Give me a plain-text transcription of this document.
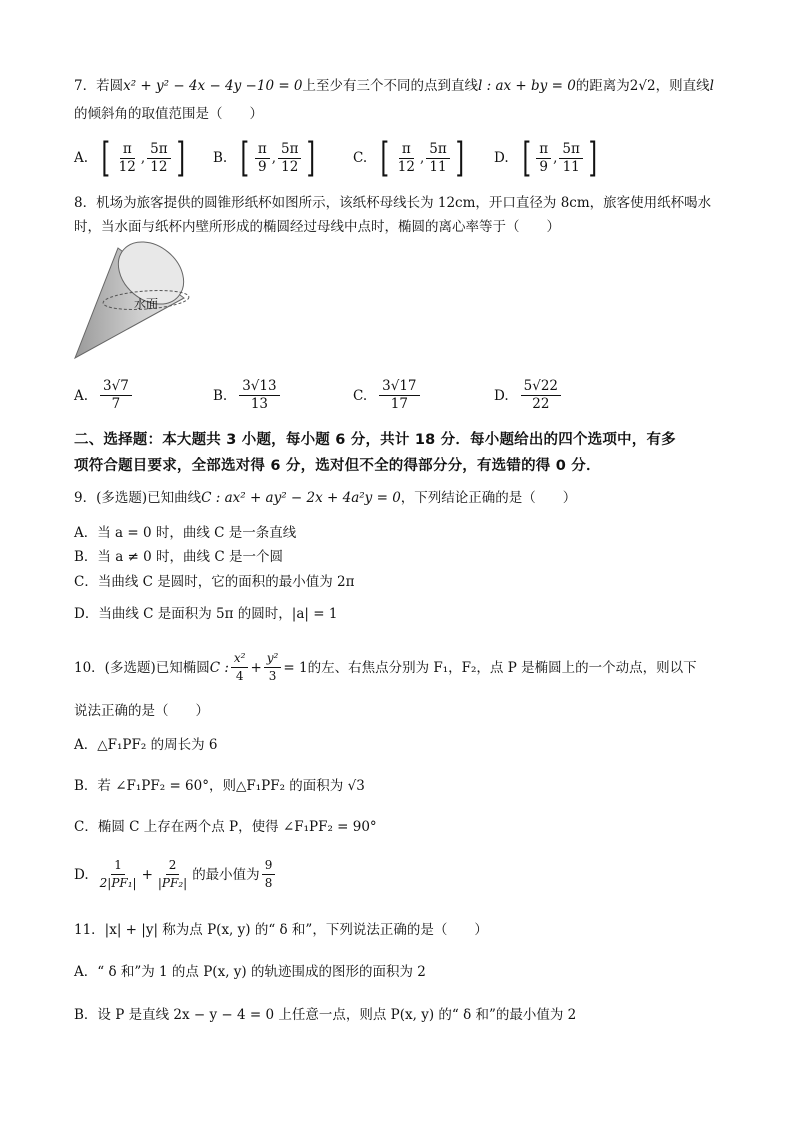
7．若圆x² + y² − 4x − 4y −10 = 0上至少有三个不同的点到直线l : ax + by = 0的距离为2√2，则直线l
的倾斜角的取值范围是（　　）
A. [ $\frac{\pi}{12}$ , $\frac{5\pi}{12}$ ] B. [ $\frac{\pi}{9}$ , $\frac{5\pi}{12}$ ]	C. [ $\frac{\pi}{12}$ , $\frac{5\pi}{11}$ ] D. [ $\frac{\pi}{9}$ , $\frac{5\pi}{11}$ ]
8．机场为旅客提供的圆锥形纸杯如图所示，该纸杯母线长为 12cm，开口直径为 8cm，旅客使用纸杯喝水
时，当水面与纸杯内壁所形成的椭圆经过母线中点时，椭圆的离心率等于（　　）
水面
A. $\frac{3√7}{7}$	B. $\frac{3√13}{13}$	C. $\frac{3√17}{17}$	D. $\frac{5√22}{22}$
二、选择题：本大题共 3 小题，每小题 6 分，共计 18 分．每小题给出的四个选项中，有多
项符合题目要求，全部选对得 6 分，选对但不全的得部分分，有选错的得 0 分．
9．(多选题)已知曲线C : ax² + ay² − 2x + 4a²y = 0，下列结论正确的是（　　）
A．当 a = 0 时，曲线 C 是一条直线
B．当 a ≠ 0 时，曲线 C 是一个圆
C．当曲线 C 是圆时，它的面积的最小值为 2π
D．当曲线 C 是面积为 5π 的圆时，|a| = 1
10．(多选题)已知椭圆 C : $\frac{\text{x²}}{4} + \frac{\text{y²}}{3} = 1$ 的左、右焦点分别为 F₁，F₂，点 P 是椭圆上的一个动点，则以下
说法正确的是（　　）
A．△F₁PF₂ 的周长为 6
B．若 ∠F₁PF₂ = 60°，则△F₁PF₂ 的面积为 √3
C．椭圆 C 上存在两个点 P，使得 ∠F₁PF₂ = 90°
D. $\frac{1}{\text{2|PF₁|}} + \frac{2}{\text{|PF₂|}}$ 的最小值为 $\frac{9}{8}$
11．|x| + |y| 称为点 P(x, y) 的“ δ 和”，下列说法正确的是（　　）
A．“ δ 和”为 1 的点 P(x, y) 的轨迹围成的图形的面积为 2
B．设 P 是直线 2x − y − 4 = 0 上任意一点，则点 P(x, y) 的“ δ 和”的最小值为 2
